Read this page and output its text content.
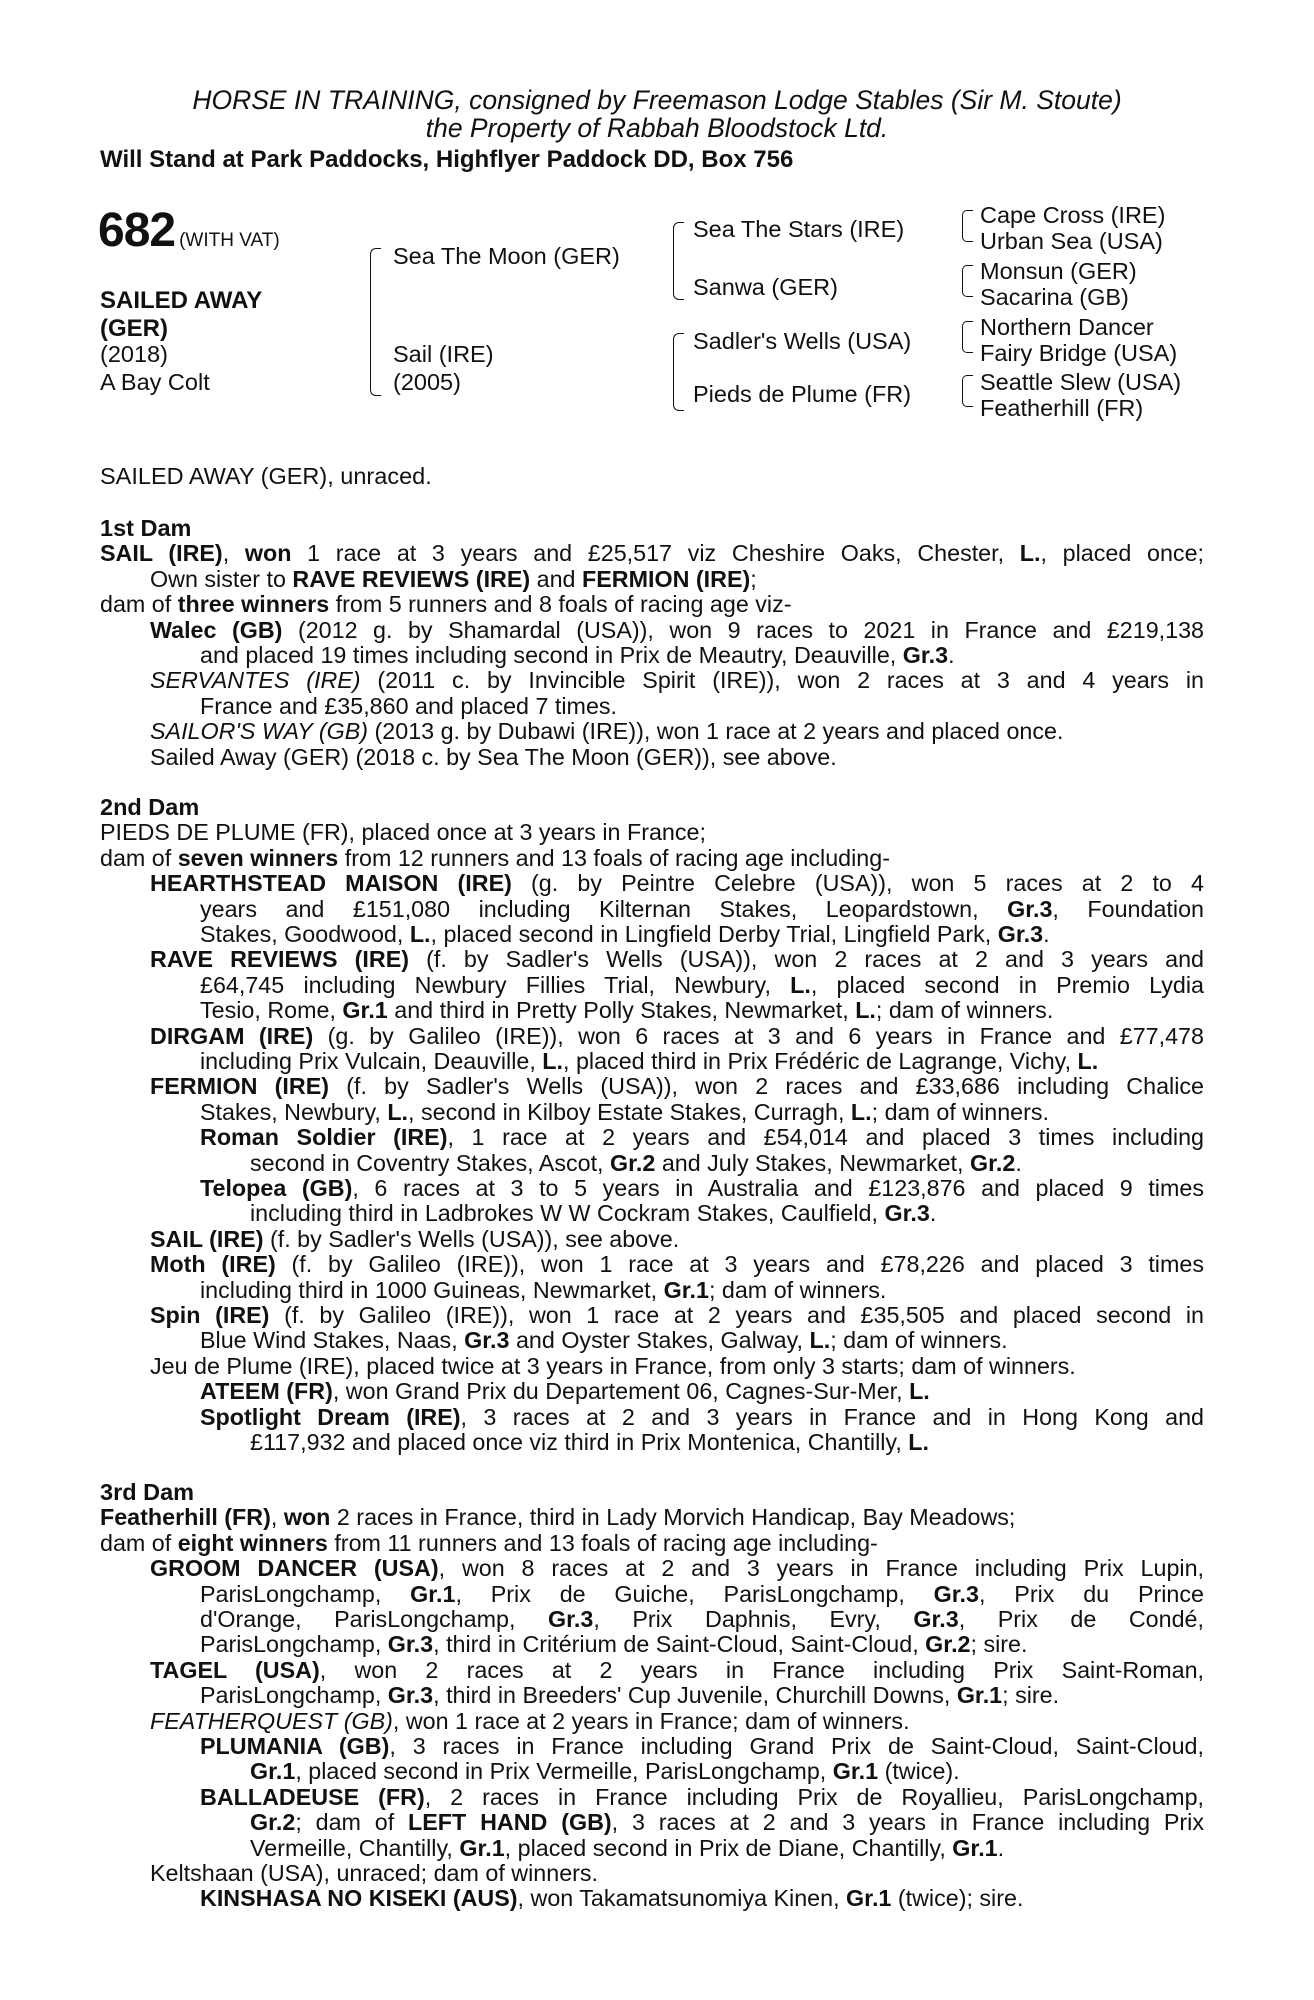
HORSE IN TRAINING, consigned by Freemason Lodge Stables (Sir M. Stoute)
the Property of Rabbah Bloodstock Ltd.
Will Stand at Park Paddocks, Highflyer Paddock DD, Box 756
682 (WITH VAT)
SAILED AWAY
(GER)
(2018)
A Bay Colt
Sea The Moon (GER)
Sail (IRE)
(2005)
Sea The Stars (IRE)
Sanwa (GER)
Sadler's Wells (USA)
Pieds de Plume (FR)
Cape Cross (IRE)
Urban Sea (USA)
Monsun (GER)
Sacarina (GB)
Northern Dancer
Fairy Bridge (USA)
Seattle Slew (USA)
Featherhill (FR)
SAILED AWAY (GER), unraced.
1st Dam
SAIL (IRE), won 1 race at 3 years and £25,517 viz Cheshire Oaks, Chester, L., placed once;
Own sister to RAVE REVIEWS (IRE) and FERMION (IRE);
dam of three winners from 5 runners and 8 foals of racing age viz-
Walec (GB) (2012 g. by Shamardal (USA)), won 9 races to 2021 in France and £219,138
and placed 19 times including second in Prix de Meautry, Deauville, Gr.3.
SERVANTES (IRE) (2011 c. by Invincible Spirit (IRE)), won 2 races at 3 and 4 years in
France and £35,860 and placed 7 times.
SAILOR'S WAY (GB) (2013 g. by Dubawi (IRE)), won 1 race at 2 years and placed once.
Sailed Away (GER) (2018 c. by Sea The Moon (GER)), see above.
2nd Dam
PIEDS DE PLUME (FR), placed once at 3 years in France;
dam of seven winners from 12 runners and 13 foals of racing age including-
HEARTHSTEAD MAISON (IRE) (g. by Peintre Celebre (USA)), won 5 races at 2 to 4
years and £151,080 including Kilternan Stakes, Leopardstown, Gr.3, Foundation
Stakes, Goodwood, L., placed second in Lingfield Derby Trial, Lingfield Park, Gr.3.
RAVE REVIEWS (IRE) (f. by Sadler's Wells (USA)), won 2 races at 2 and 3 years and
£64,745 including Newbury Fillies Trial, Newbury, L., placed second in Premio Lydia
Tesio, Rome, Gr.1 and third in Pretty Polly Stakes, Newmarket, L.; dam of winners.
DIRGAM (IRE) (g. by Galileo (IRE)), won 6 races at 3 and 6 years in France and £77,478
including Prix Vulcain, Deauville, L., placed third in Prix Frédéric de Lagrange, Vichy, L.
FERMION (IRE) (f. by Sadler's Wells (USA)), won 2 races and £33,686 including Chalice
Stakes, Newbury, L., second in Kilboy Estate Stakes, Curragh, L.; dam of winners.
Roman Soldier (IRE), 1 race at 2 years and £54,014 and placed 3 times including
second in Coventry Stakes, Ascot, Gr.2 and July Stakes, Newmarket, Gr.2.
Telopea (GB), 6 races at 3 to 5 years in Australia and £123,876 and placed 9 times
including third in Ladbrokes W W Cockram Stakes, Caulfield, Gr.3.
SAIL (IRE) (f. by Sadler's Wells (USA)), see above.
Moth (IRE) (f. by Galileo (IRE)), won 1 race at 3 years and £78,226 and placed 3 times
including third in 1000 Guineas, Newmarket, Gr.1; dam of winners.
Spin (IRE) (f. by Galileo (IRE)), won 1 race at 2 years and £35,505 and placed second in
Blue Wind Stakes, Naas, Gr.3 and Oyster Stakes, Galway, L.; dam of winners.
Jeu de Plume (IRE), placed twice at 3 years in France, from only 3 starts; dam of winners.
ATEEM (FR), won Grand Prix du Departement 06, Cagnes-Sur-Mer, L.
Spotlight Dream (IRE), 3 races at 2 and 3 years in France and in Hong Kong and
£117,932 and placed once viz third in Prix Montenica, Chantilly, L.
3rd Dam
Featherhill (FR), won 2 races in France, third in Lady Morvich Handicap, Bay Meadows;
dam of eight winners from 11 runners and 13 foals of racing age including-
GROOM DANCER (USA), won 8 races at 2 and 3 years in France including Prix Lupin,
ParisLongchamp, Gr.1, Prix de Guiche, ParisLongchamp, Gr.3, Prix du Prince
d'Orange, ParisLongchamp, Gr.3, Prix Daphnis, Evry, Gr.3, Prix de Condé,
ParisLongchamp, Gr.3, third in Critérium de Saint-Cloud, Saint-Cloud, Gr.2; sire.
TAGEL (USA), won 2 races at 2 years in France including Prix Saint-Roman,
ParisLongchamp, Gr.3, third in Breeders' Cup Juvenile, Churchill Downs, Gr.1; sire.
FEATHERQUEST (GB), won 1 race at 2 years in France; dam of winners.
PLUMANIA (GB), 3 races in France including Grand Prix de Saint-Cloud, Saint-Cloud,
Gr.1, placed second in Prix Vermeille, ParisLongchamp, Gr.1 (twice).
BALLADEUSE (FR), 2 races in France including Prix de Royallieu, ParisLongchamp,
Gr.2; dam of LEFT HAND (GB), 3 races at 2 and 3 years in France including Prix
Vermeille, Chantilly, Gr.1, placed second in Prix de Diane, Chantilly, Gr.1.
Keltshaan (USA), unraced; dam of winners.
KINSHASA NO KISEKI (AUS), won Takamatsunomiya Kinen, Gr.1 (twice); sire.
